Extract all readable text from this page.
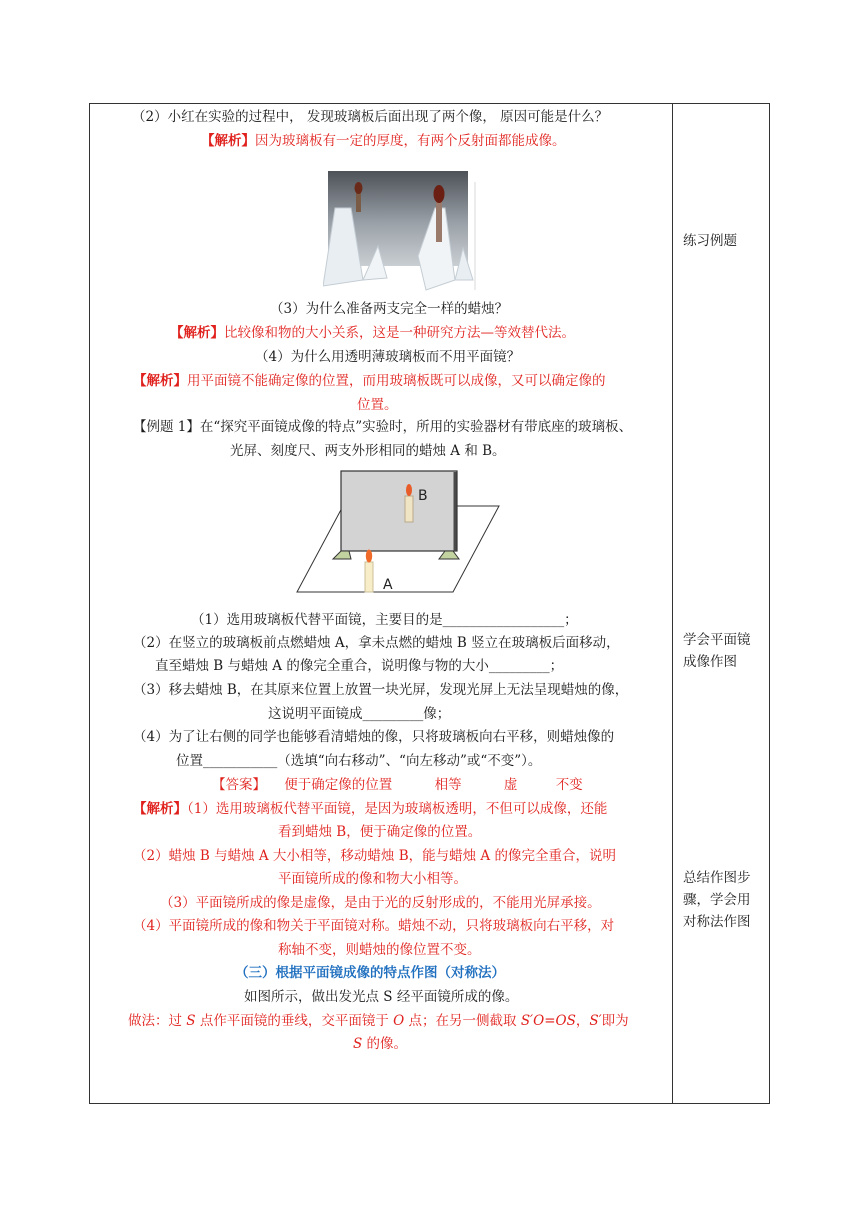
（2）小红在实验的过程中， 发现玻璃板后面出现了两个像， 原因可能是什么？
【解析】因为玻璃板有一定的厚度，有两个反射面都能成像。
（3）为什么准备两支完全一样的蜡烛？
【解析】比较像和物的大小关系，这是一种研究方法—等效替代法。
（4）为什么用透明薄玻璃板而不用平面镜？
【解析】用平面镜不能确定像的位置，而用玻璃板既可以成像，又可以确定像的
位置。
【例题 1】在“探究平面镜成像的特点”实验时，所用的实验器材有带底座的玻璃板、
光屏、刻度尺、两支外形相同的蜡烛 A 和 B。
B
A
（1）选用玻璃板代替平面镜，主要目的是__________________；
（2）在竖立的玻璃板前点燃蜡烛 A，拿未点燃的蜡烛 B 竖立在玻璃板后面移动，
直至蜡烛 B 与蜡烛 A 的像完全重合，说明像与物的大小_________；
（3）移去蜡烛 B，在其原来位置上放置一块光屏，发现光屏上无法呈现蜡烛的像，
这说明平面镜成_________像；
（4）为了让右侧的同学也能够看清蜡烛的像，只将玻璃板向右平移，则蜡烛像的
位置___________（选填“向右移动”、“向左移动”或“不变”）。
【答案】 便于确定像的位置	相等	虚	不变
【解析】（1）选用玻璃板代替平面镜，是因为玻璃板透明，不但可以成像，还能
看到蜡烛 B，便于确定像的位置。
（2）蜡烛 B 与蜡烛 A 大小相等，移动蜡烛 B，能与蜡烛 A 的像完全重合，说明
平面镜所成的像和物大小相等。
（3）平面镜所成的像是虚像，是由于光的反射形成的，不能用光屏承接。
（4）平面镜所成的像和物关于平面镜对称。蜡烛不动，只将玻璃板向右平移，对
称轴不变，则蜡烛的像位置不变。
（三）根据平面镜成像的特点作图（对称法）
如图所示，做出发光点 S 经平面镜所成的像。
做法：过 S 点作平面镜的垂线，交平面镜于 O 点；在另一侧截取 S′O=OS，S′即为
S 的像。
练习例题
学会平面镜
成像作图
总结作图步
骤，学会用
对称法作图
